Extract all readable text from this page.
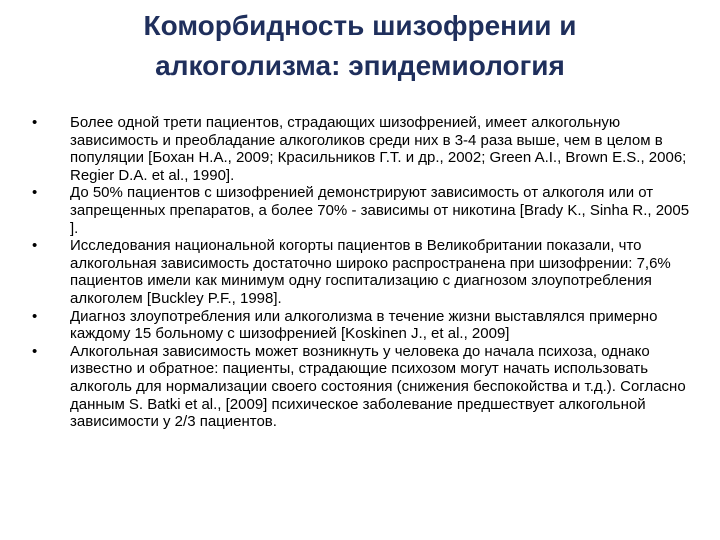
Коморбидность шизофрении и
алкоголизма: эпидемиология
•	Более одной трети пациентов, страдающих шизофренией, имеет алкогольную зависимость и преобладание алкоголиков среди них в 3-4 раза выше, чем в целом в популяции [Бохан Н.А., 2009; Красильников Г.Т. и др., 2002; Green A.I., Brown E.S., 2006; Regier D.A. et al., 1990].
•	До 50% пациентов с шизофренией демонстрируют зависимость от алкоголя или от запрещенных препаратов, а более 70% - зависимы от никотина [Brady K., Sinha R., 2005 ].
•	Исследования национальной когорты пациентов в Великобритании показали, что алкогольная зависимость достаточно широко распространена при шизофрении: 7,6% пациентов имели как минимум одну госпитализацию с диагнозом злоупотребления алкоголем [Buckley P.F., 1998].
•	Диагноз злоупотребления или алкоголизма в течение жизни выставлялся примерно каждому 15 больному с шизофренией [Koskinen J., et al., 2009]
•	Алкогольная зависимость может возникнуть у человека до начала психоза, однако известно и обратное: пациенты, страдающие психозом могут начать использовать алкоголь для нормализации своего состояния (снижения беспокойства и т.д.). Согласно данным S. Batki et al., [2009] психическое заболевание предшествует алкогольной зависимости у 2/3 пациентов.
